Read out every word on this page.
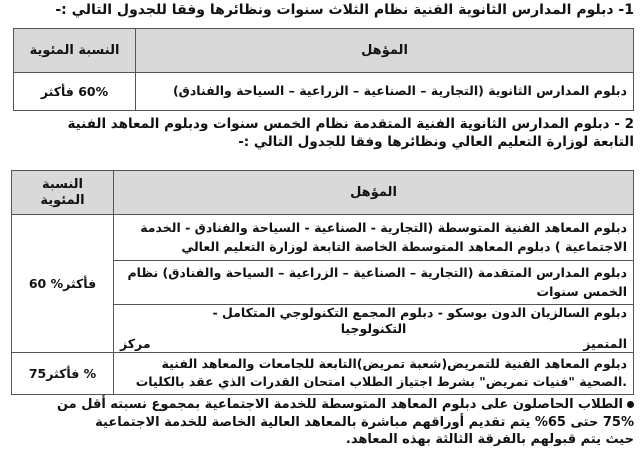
1- دبلوم المدارس الثانوية الفنية نظام الثلاث سنوات ونظائرها وفقا للجدول التالي :-
المؤهل	النسبة المئوية
دبلوم المدارس الثانوية (التجارية – الصناعية – الزراعية – السياحة والفنادق)	60% فأكثر
2 - دبلوم المدارس الثانوية الفنية المتقدمة نظام الخمس سنوات ودبلوم المعاهد الفنية
التابعة لوزارة التعليم العالي ونظائرها وفقا للجدول التالي :-
المؤهل	النسبة
المئوية

دبلوم المعاهد الفنية المتوسطة (التجارية - الصناعية - السياحة والفنادق - الخدمة
الاجتماعية ) دبلوم المعاهد المتوسطة الخاصة التابعة لوزارة التعليم العالي	فأكثر% 60

دبلوم المدارس المتقدمة (التجارية – الصناعية – الزراعية – السياحة والفنادق) نظام
الخمس سنوات	

دبلوم السالزيان الدون بوسكو - دبلوم المجمع التكنولوجي المتكامل -
التكنولوجيا
المتميز
مركز	

دبلوم المعاهد الفنية للتمريض(شعبة تمريض)التابعة للجامعات والمعاهد الفنية
.الصحية "فنيات تمريض" بشرط اجتياز الطلاب امتحان القدرات الذي عقد بالكليات	% فأكثر75
الطلاب الحاصلون على دبلوم المعاهد المتوسطة للخدمة الاجتماعية بمجموع نسبته أقل من
75% حتى 65% يتم تقديم أوراقهم مباشرة بالمعاهد العالية الخاصة للخدمة الاجتماعية
حيث يتم قبولهم بالفرقة الثالثة بهذه المعاهد.
